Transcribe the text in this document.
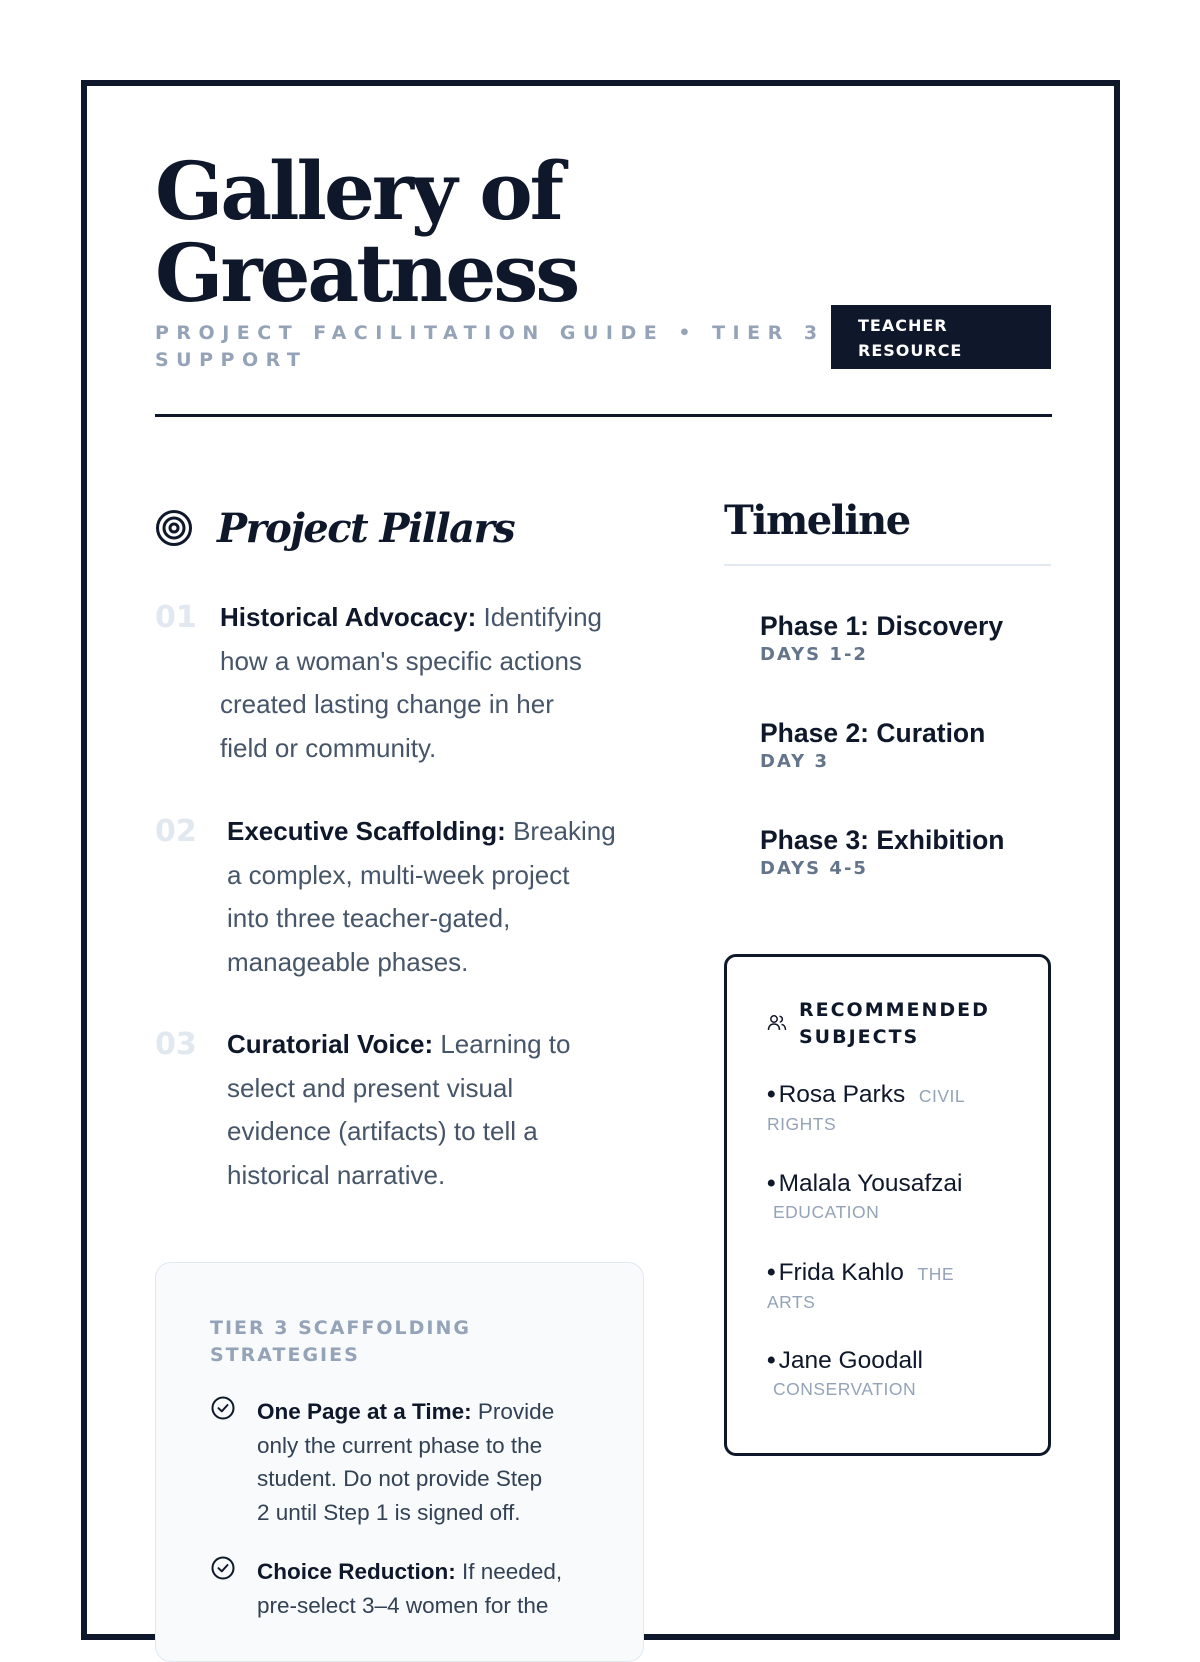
Gallery of
Greatness
PROJECT FACILITATION GUIDE • TIER 3
SUPPORT
TEACHER
RESOURCE
Project Pillars
01 Historical Advocacy: Identifying
how a woman's specific actions
created lasting change in her
field or community.
02 Executive Scaffolding: Breaking
a complex, multi-week project
into three teacher-gated,
manageable phases.
03 Curatorial Voice: Learning to
select and present visual
evidence (artifacts) to tell a
historical narrative.
TIER 3 SCAFFOLDING
STRATEGIES
One Page at a Time: Provide
only the current phase to the
student. Do not provide Step
2 until Step 1 is signed off.
Choice Reduction: If needed,
pre-select 3–4 women for the
Timeline
Phase 1: Discovery
DAYS 1-2
Phase 2: Curation
DAY 3
Phase 3: Exhibition
DAYS 4-5
RECOMMENDED
SUBJECTS
• Rosa Parks CIVIL
RIGHTS
• Malala Yousafzai
EDUCATION
• Frida Kahlo THE
ARTS
• Jane Goodall
CONSERVATION
